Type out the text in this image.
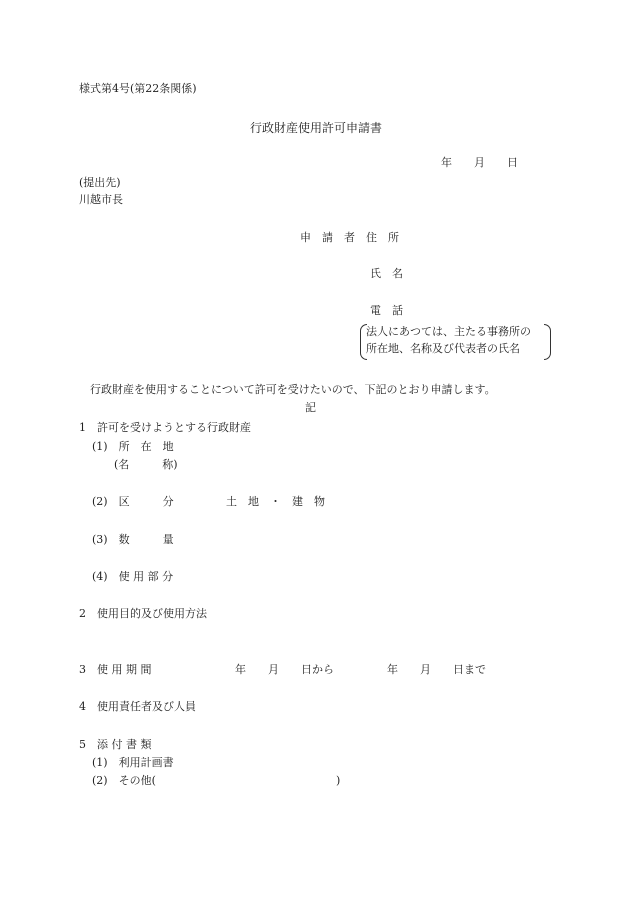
様式第4号(第22条関係)
行政財産使用許可申請書
年　　月　　日
(提出先)
川越市長
申　請　者　住　所
氏　名
電　話
法人にあつては、主たる事務所の
所在地、名称及び代表者の氏名
行政財産を使用することについて許可を受けたいので、下記のとおり申請します。
記
1　許可を受けようとする行政財産
(1)　所　在　地
(名　　　称)
(2)　区　　　分	土　地　・　建　物
(3)　数　　　量
(4)　使 用 部 分
2　使用目的及び使用方法
3　使 用 期 間	年　　月　　日から	年　　月　　日まで
4　使用責任者及び人員
5　添 付 書 類
(1)　利用計画書
(2)　その他(	)
